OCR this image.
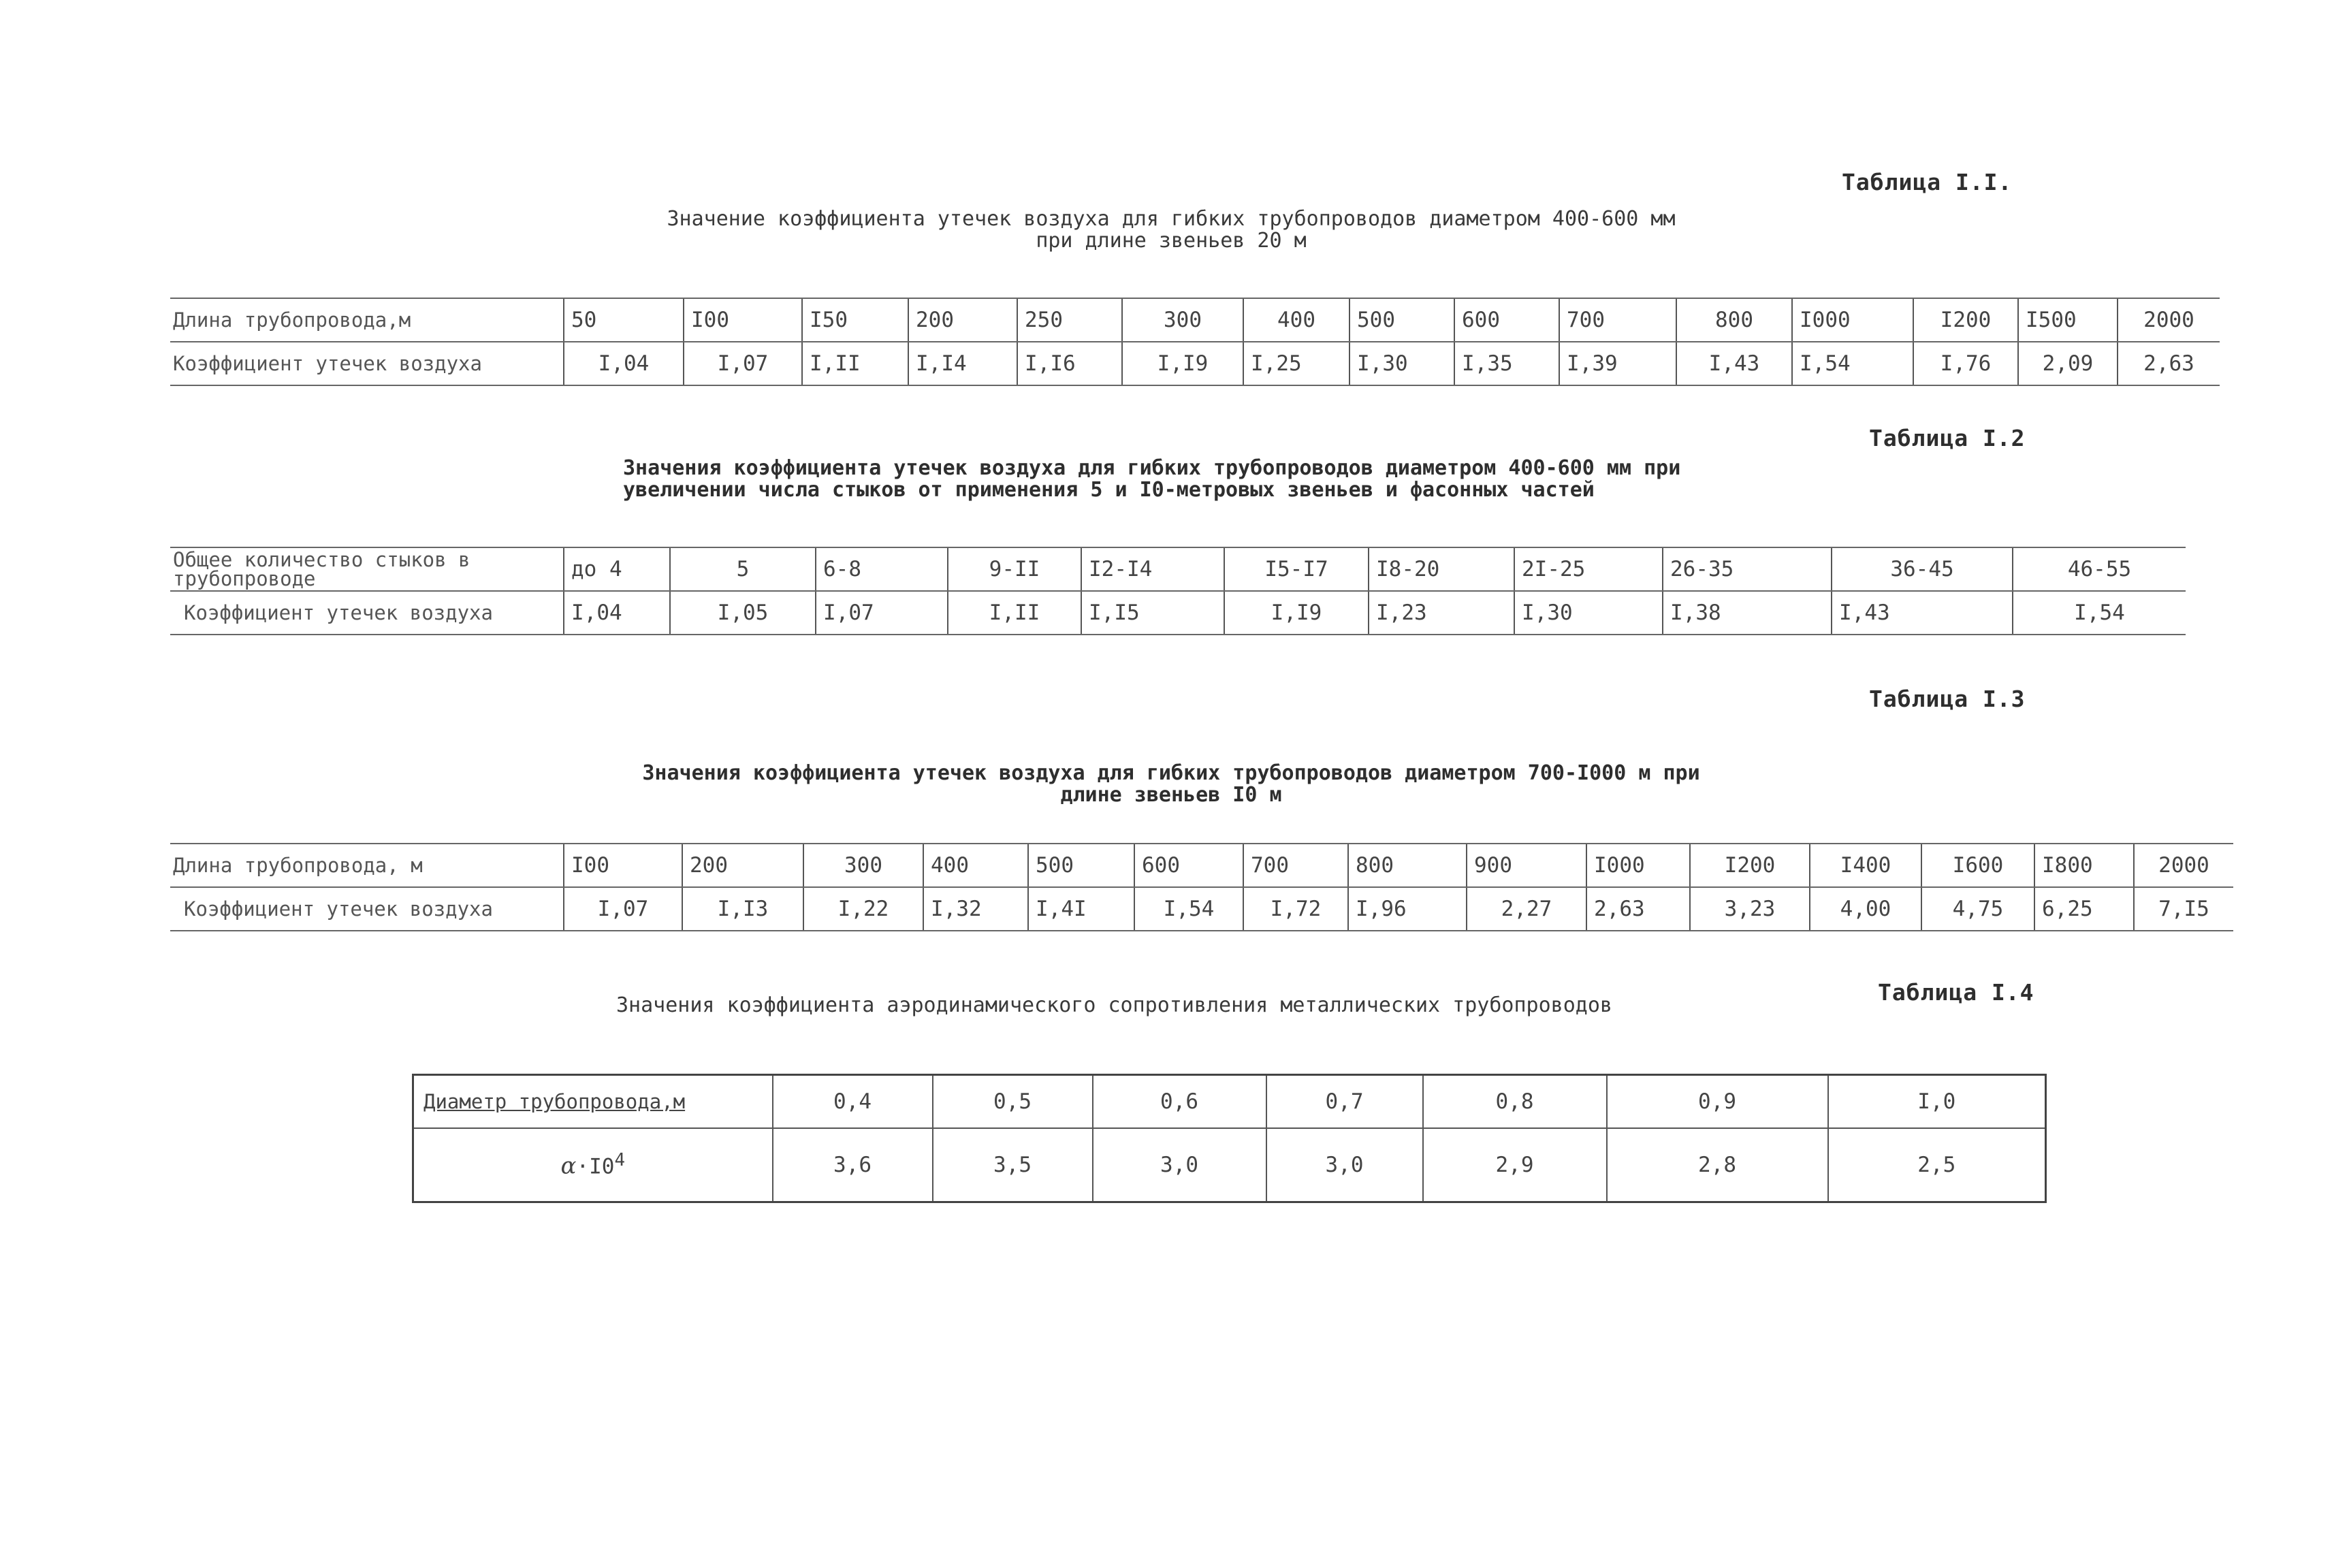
Таблица I.I.
Значение коэффициента утечек воздуха для гибких трубопроводов диаметром 400-600 мм
при длине звеньев 20 м
Длина трубопровода,м	50	I00	I50	200	250	300	400	500	600	700	800	I000	I200	I500	2000
Коэффициент утечек воздуха	I,04	I,07	I,II	I,I4	I,I6	I,I9	I,25	I,30	I,35	I,39	I,43	I,54	I,76	2,09	2,63
Таблица I.2
Значения коэффициента утечек воздуха для гибких трубопроводов диаметром 400-600 мм при
увеличении числа стыков от применения 5 и I0-метровых звеньев и фасонных частей
Общее количество стыков в трубопроводе	до 4	5	6-8	9-II	I2-I4	I5-I7	I8-20	2I-25	26-35	36-45	46-55
Коэффициент утечек воздуха	I,04	I,05	I,07	I,II	I,I5	I,I9	I,23	I,30	I,38	I,43	I,54
Таблица I.3
Значения коэффициента утечек воздуха для гибких трубопроводов диаметром 700-I000 м при
длине звеньев I0 м
Длина трубопровода, м	I00	200	300	400	500	600	700	800	900	I000	I200	I400	I600	I800	2000
Коэффициент утечек воздуха	I,07	I,I3	I,22	I,32	I,4I	I,54	I,72	I,96	2,27	2,63	3,23	4,00	4,75	6,25	7,I5
Таблица I.4
Значения коэффициента аэродинамического сопротивления металлических трубопроводов
Диаметр трубопровода,м	0,4	0,5	0,6	0,7	0,8	0,9	I,0
$\alpha\cdot I0^4$	3,6	3,5	3,0	3,0	2,9	2,8	2,5
